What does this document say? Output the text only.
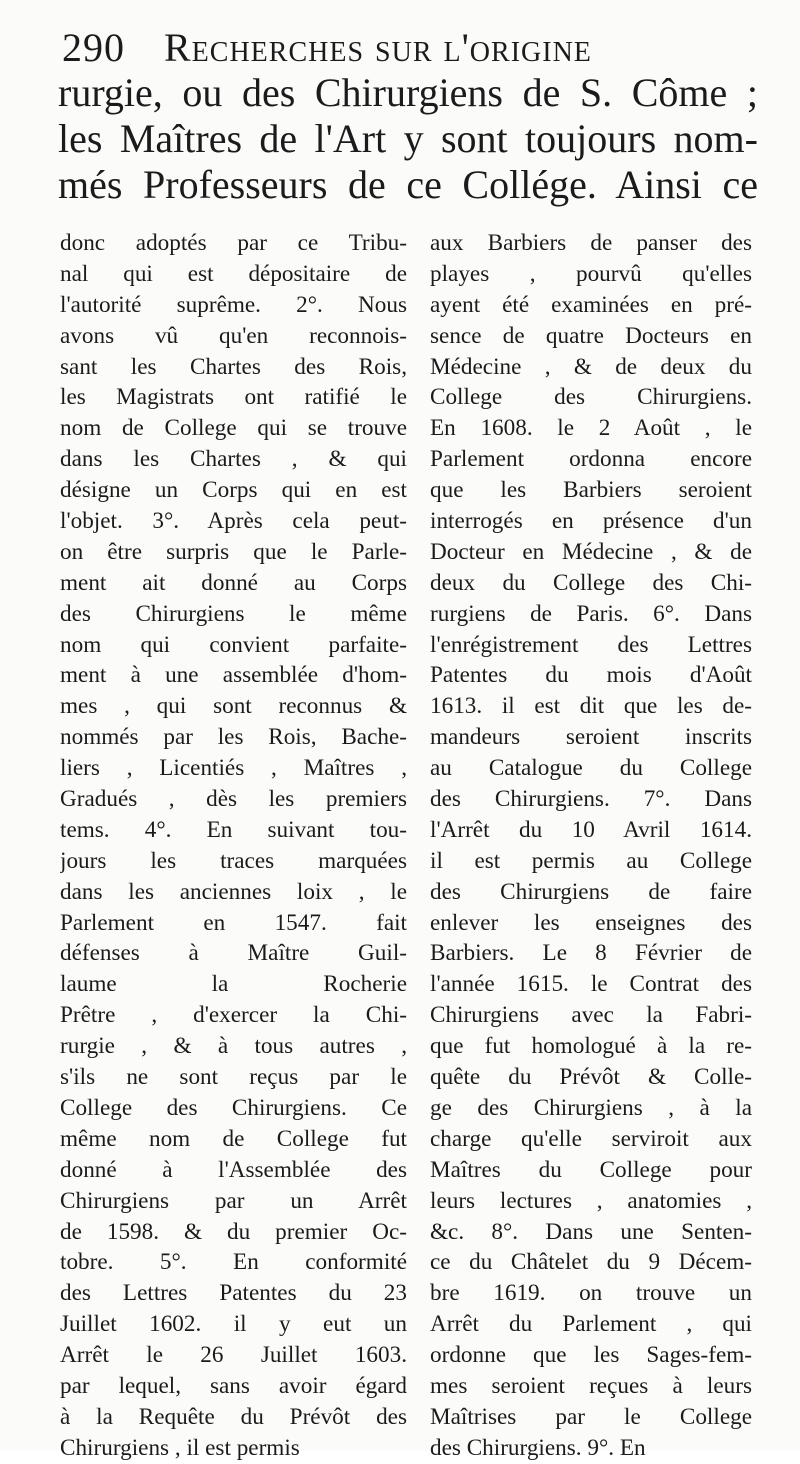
290 Recherches sur l'origine
rurgie, ou des Chirurgiens de S. Côme ;
les Maîtres de l'Art y sont toujours nom-
més Professeurs de ce Collége. Ainsi ce
donc adoptés par ce Tribu-
nal qui est dépositaire de
l'autorité suprême. 2°. Nous
avons vû qu'en reconnois-
sant les Chartes des Rois,
les Magistrats ont ratifié le
nom de College qui se trouve
dans les Chartes , & qui
désigne un Corps qui en est
l'objet. 3°. Après cela peut-
on être surpris que le Parle-
ment ait donné au Corps
des Chirurgiens le même
nom qui convient parfaite-
ment à une assemblée d'hom-
mes , qui sont reconnus &
nommés par les Rois, Bache-
liers , Licentiés , Maîtres ,
Gradués , dès les premiers
tems. 4°. En suivant tou-
jours les traces marquées
dans les anciennes loix , le
Parlement en 1547. fait
défenses à Maître Guil-
laume la Rocherie
Prêtre , d'exercer la Chi-
rurgie , & à tous autres ,
s'ils ne sont reçus par le
College des Chirurgiens. Ce
même nom de College fut
donné à l'Assemblée des
Chirurgiens par un Arrêt
de 1598. & du premier Oc-
tobre. 5°. En conformité
des Lettres Patentes du 23
Juillet 1602. il y eut un
Arrêt le 26 Juillet 1603.
par lequel, sans avoir égard
à la Requête du Prévôt des
Chirurgiens , il est permis
aux Barbiers de panser des
playes , pourvû qu'elles
ayent été examinées en pré-
sence de quatre Docteurs en
Médecine , & de deux du
College des Chirurgiens.
En 1608. le 2 Août , le
Parlement ordonna encore
que les Barbiers seroient
interrogés en présence d'un
Docteur en Médecine , & de
deux du College des Chi-
rurgiens de Paris. 6°. Dans
l'enrégistrement des Lettres
Patentes du mois d'Août
1613. il est dit que les de-
mandeurs seroient inscrits
au Catalogue du College
des Chirurgiens. 7°. Dans
l'Arrêt du 10 Avril 1614.
il est permis au College
des Chirurgiens de faire
enlever les enseignes des
Barbiers. Le 8 Février de
l'année 1615. le Contrat des
Chirurgiens avec la Fabri-
que fut homologué à la re-
quête du Prévôt & Colle-
ge des Chirurgiens , à la
charge qu'elle serviroit aux
Maîtres du College pour
leurs lectures , anatomies ,
&c. 8°. Dans une Senten-
ce du Châtelet du 9 Décem-
bre 1619. on trouve un
Arrêt du Parlement , qui
ordonne que les Sages-fem-
mes seroient reçues à leurs
Maîtrises par le College
des Chirurgiens. 9°. En
